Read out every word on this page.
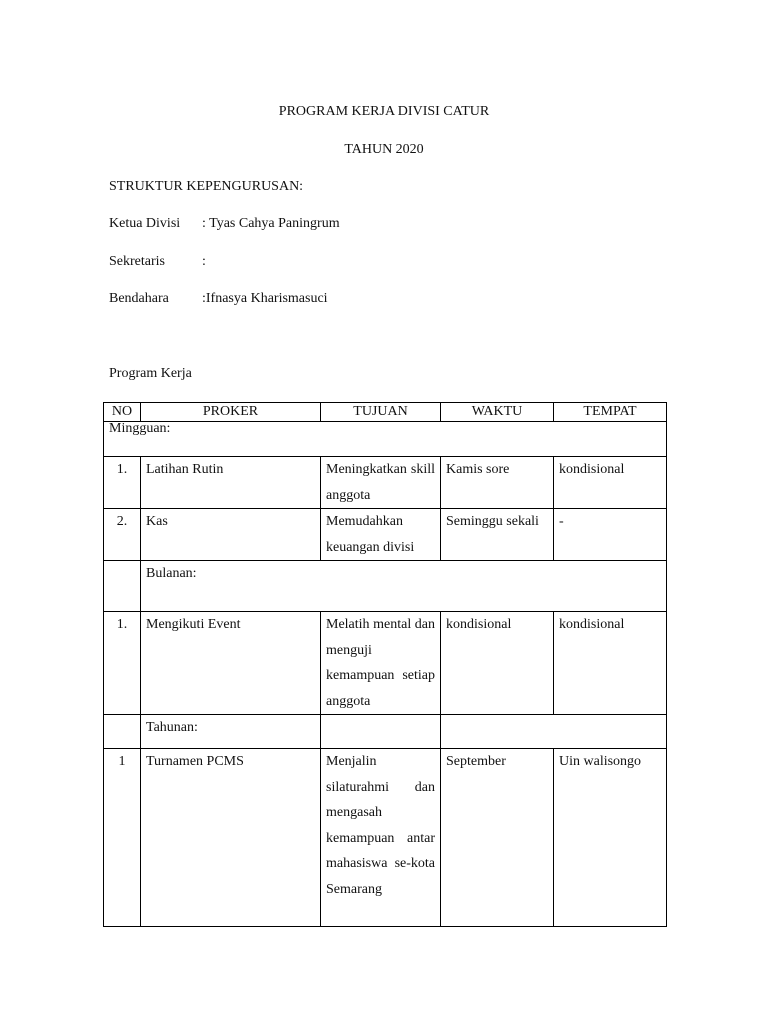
PROGRAM KERJA DIVISI CATUR
TAHUN 2020
STRUKTUR KEPENGURUSAN:
Ketua Divisi : Tyas Cahya Paningrum
Sekretaris	:
Bendahara :Ifnasya Kharismasuci
Program Kerja
NO	PROKER	TUJUAN	WAKTU	TEMPAT
Mingguan:				
1.	Latihan Rutin	Meningkatkan skill anggota	Kamis sore	kondisional
2.	Kas	Memudahkan keuangan divisi	Seminggu sekali	-
	Bulanan:			
1.	Mengikuti Event	Melatih mental dan menguji kemampuan setiap anggota	kondisional	kondisional
	Tahunan:			
1	Turnamen PCMS	Menjalin silaturahmi dan mengasah kemampuan antar mahasiswa se-kota Semarang	September	Uin walisongo
